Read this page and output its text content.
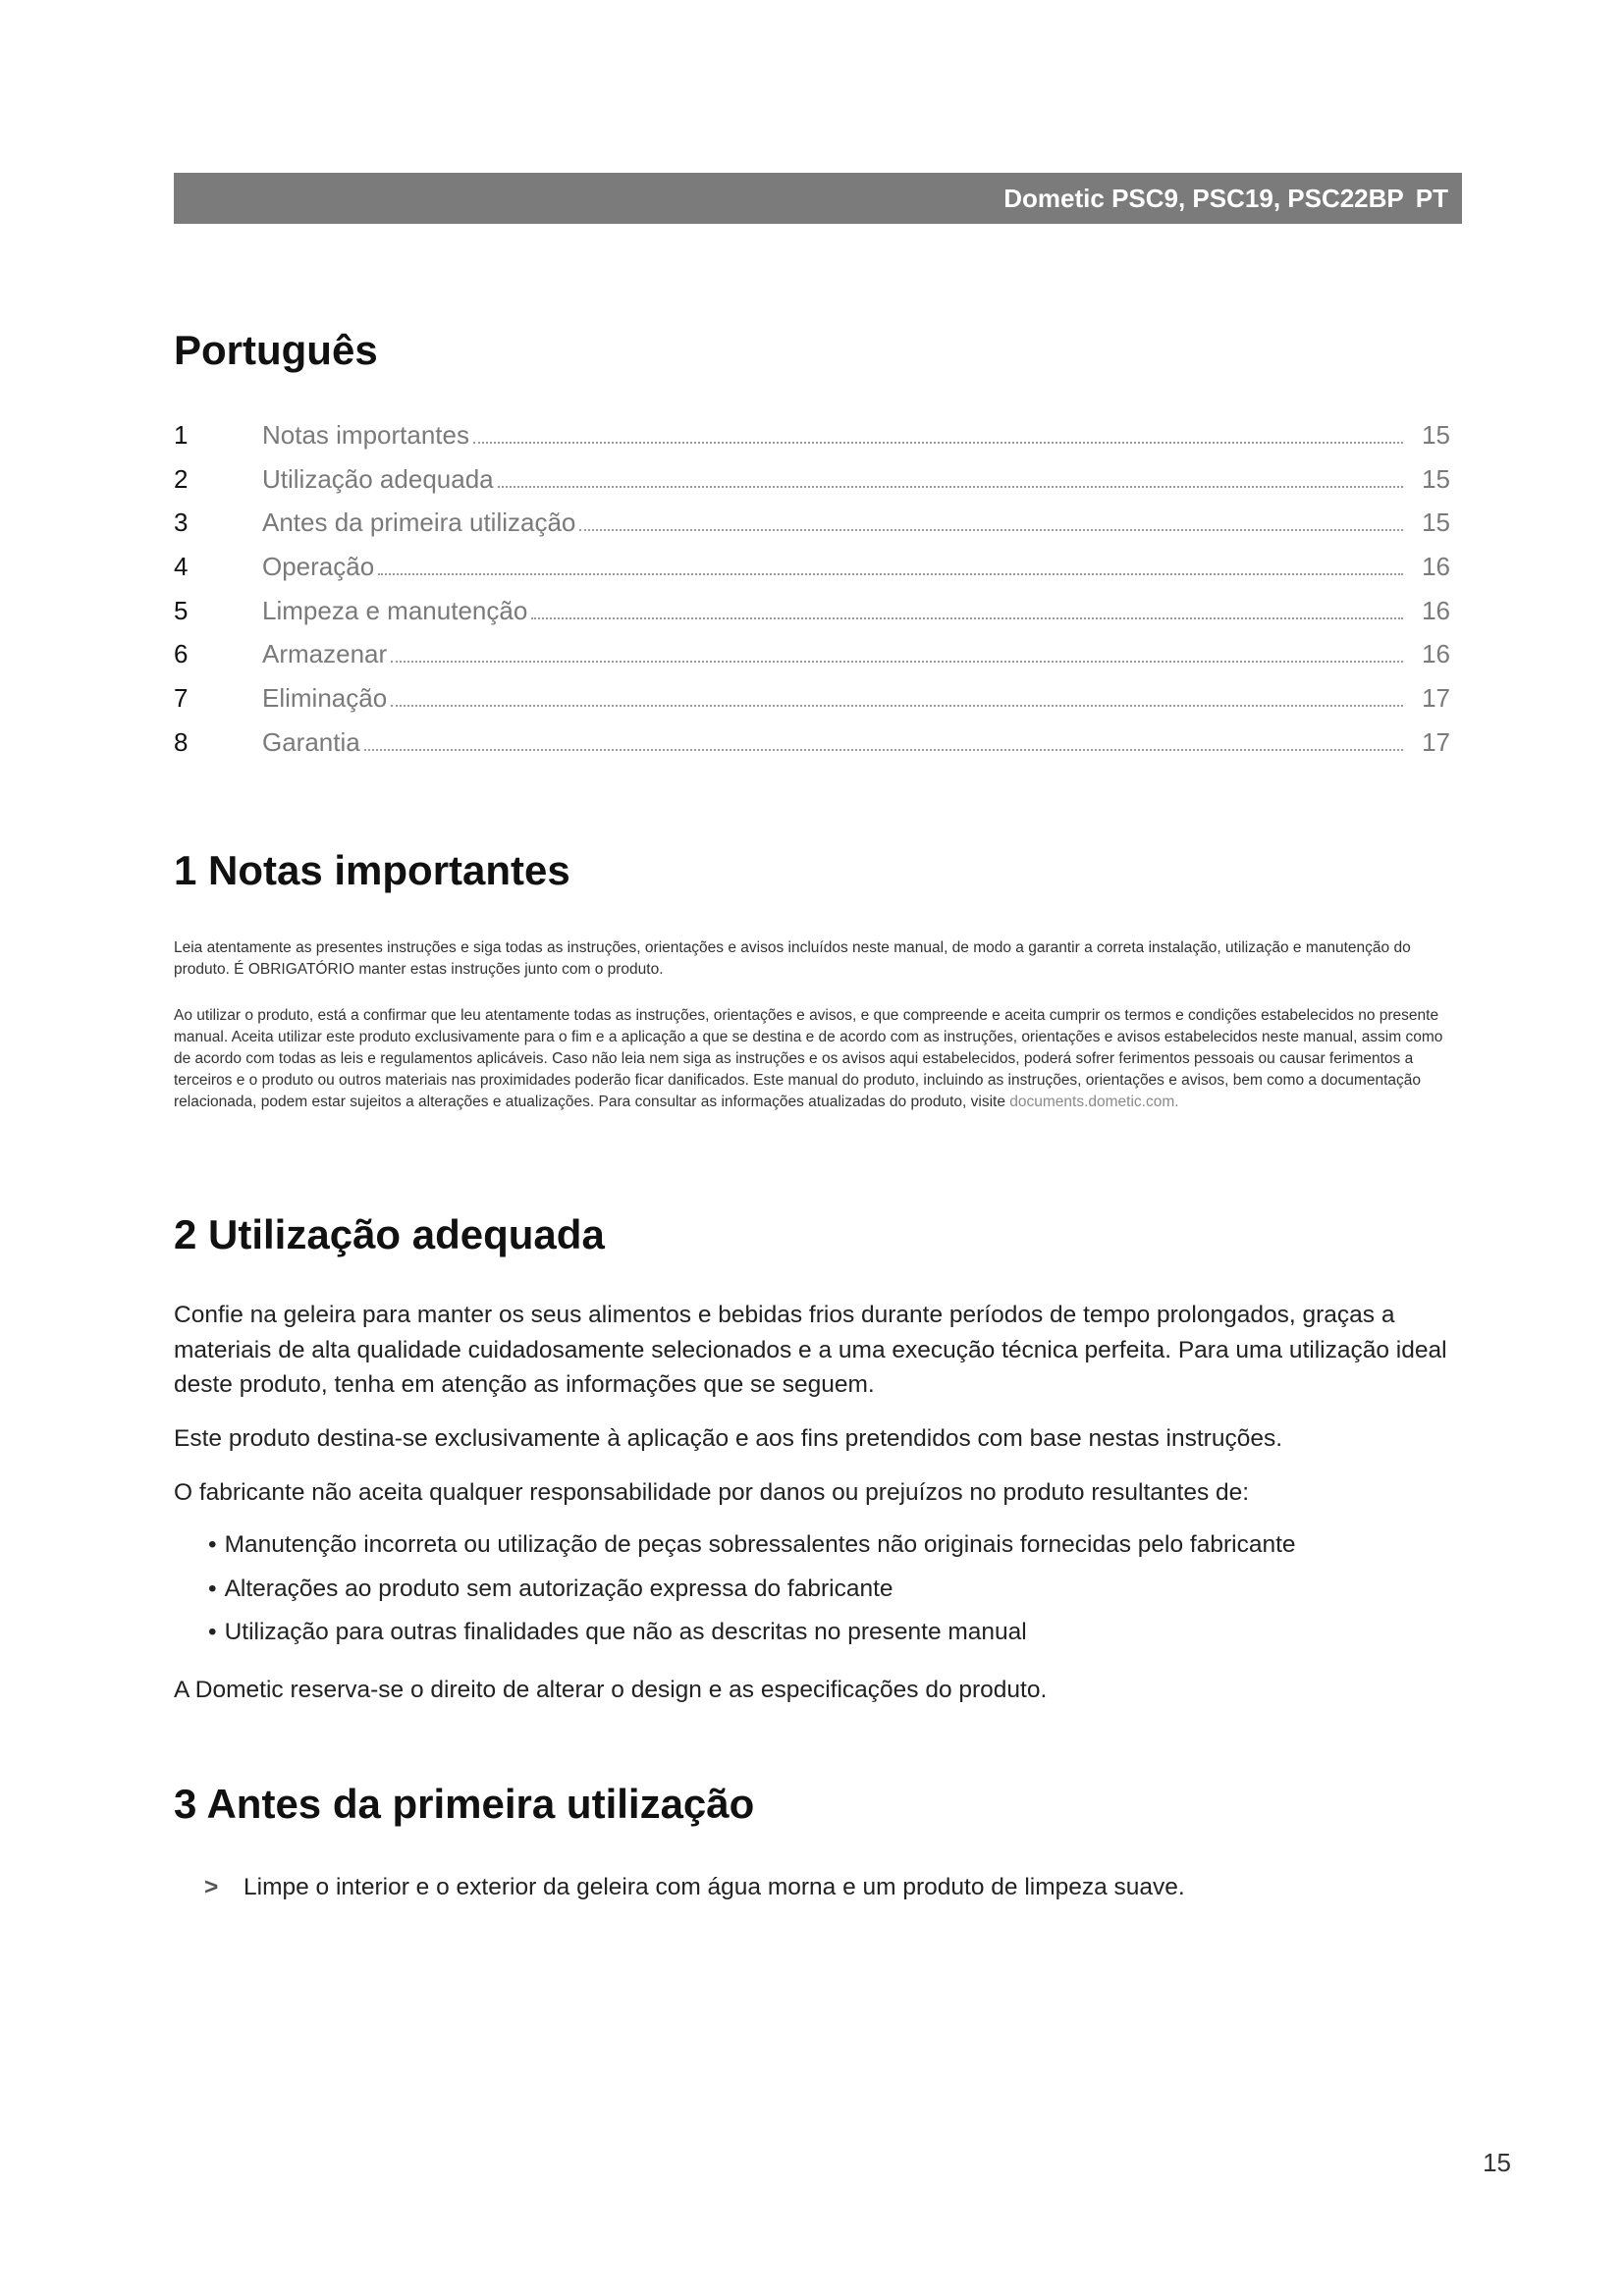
Dometic PSC9, PSC19, PSC22BP PT
Português
1	Notas importantes	15
2	Utilização adequada	15
3	Antes da primeira utilização	15
4	Operação	16
5	Limpeza e manutenção	16
6	Armazenar	16
7	Eliminação	17
8	Garantia	17
1 Notas importantes

Leia atentamente as presentes instruções e siga todas as instruções, orientações e avisos incluídos neste manual, de modo a garantir a correta instalação, utilização e manutenção do produto. É OBRIGATÓRIO manter estas instruções junto com o produto.

Ao utilizar o produto, está a confirmar que leu atentamente todas as instruções, orientações e avisos, e que compreende e aceita cumprir os termos e condições estabelecidos no presente manual. Aceita utilizar este produto exclusivamente para o fim e a aplicação a que se destina e de acordo com as instruções, orientações e avisos estabelecidos neste manual, assim como de acordo com todas as leis e regulamentos aplicáveis. Caso não leia nem siga as instruções e os avisos aqui estabelecidos, poderá sofrer ferimentos pessoais ou causar ferimentos a terceiros e o produto ou outros materiais nas proximidades poderão ficar danificados. Este manual do produto, incluindo as instruções, orientações e avisos, bem como a documentação relacionada, podem estar sujeitos a alterações e atualizações. Para consultar as informações atualizadas do produto, visite documents.dometic.com.

2 Utilização adequada

Confie na geleira para manter os seus alimentos e bebidas frios durante períodos de tempo prolongados, graças a materiais de alta qualidade cuidadosamente selecionados e a uma execução técnica perfeita. Para uma utilização ideal deste produto, tenha em atenção as informações que se seguem.

Este produto destina-se exclusivamente à aplicação e aos fins pretendidos com base nestas instruções.

O fabricante não aceita qualquer responsabilidade por danos ou prejuízos no produto resultantes de:

• Manutenção incorreta ou utilização de peças sobressalentes não originais fornecidas pelo fabricante
• Alterações ao produto sem autorização expressa do fabricante
• Utilização para outras finalidades que não as descritas no presente manual

A Dometic reserva-se o direito de alterar o design e as especificações do produto.

3 Antes da primeira utilização
> Limpe o interior e o exterior da geleira com água morna e um produto de limpeza suave.
15
